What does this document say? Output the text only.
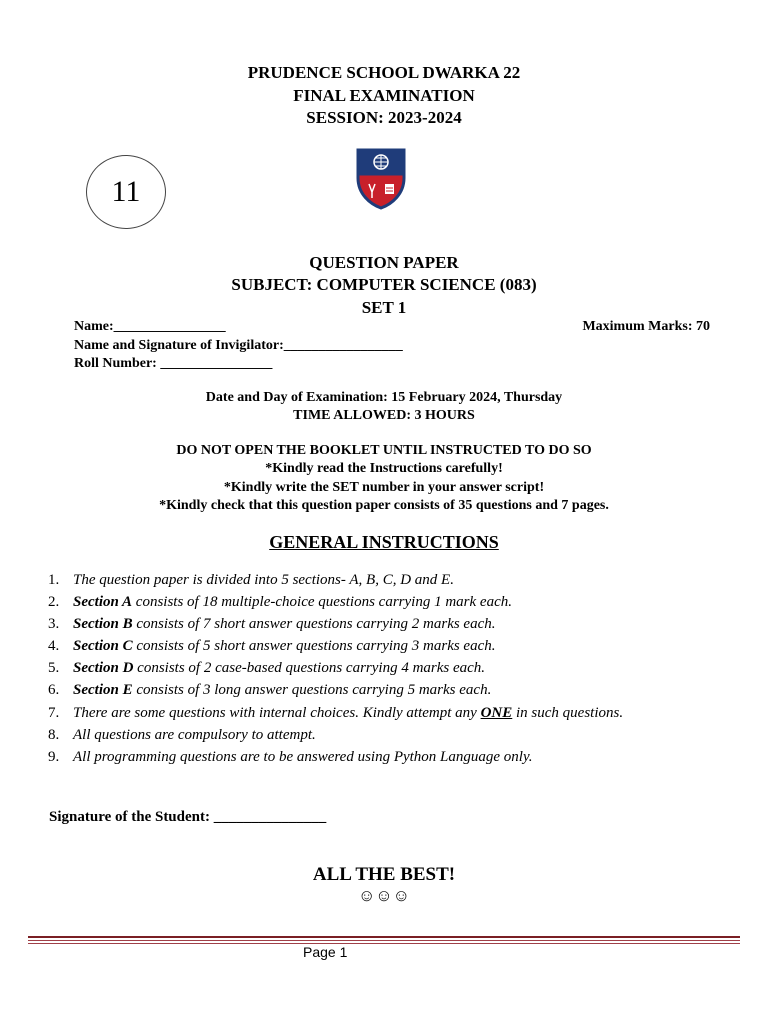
PRUDENCE SCHOOL DWARKA 22
FINAL EXAMINATION
SESSION: 2023-2024
11
QUESTION PAPER
SUBJECT: COMPUTER SCIENCE (083)
SET 1
Name:________________	Maximum Marks: 70
Name and Signature of Invigilator:_________________
Roll Number: ________________
Date and Day of Examination: 15 February 2024, Thursday
TIME ALLOWED: 3 HOURS
DO NOT OPEN THE BOOKLET UNTIL INSTRUCTED TO DO SO
*Kindly read the Instructions carefully!
*Kindly write the SET number in your answer script!
*Kindly check that this question paper consists of 35 questions and 7 pages.
GENERAL INSTRUCTIONS
1. The question paper is divided into 5 sections- A, B, C, D and E.
2. Section A consists of 18 multiple-choice questions carrying 1 mark each.
3. Section B consists of 7 short answer questions carrying 2 marks each.
4. Section C consists of 5 short answer questions carrying 3 marks each.
5. Section D consists of 2 case-based questions carrying 4 marks each.
6. Section E consists of 3 long answer questions carrying 5 marks each.
7. There are some questions with internal choices. Kindly attempt any ONE in such questions.
8. All questions are compulsory to attempt.
9. All programming questions are to be answered using Python Language only.
Signature of the Student: _______________
ALL THE BEST!
☺☺☺
Page 1
